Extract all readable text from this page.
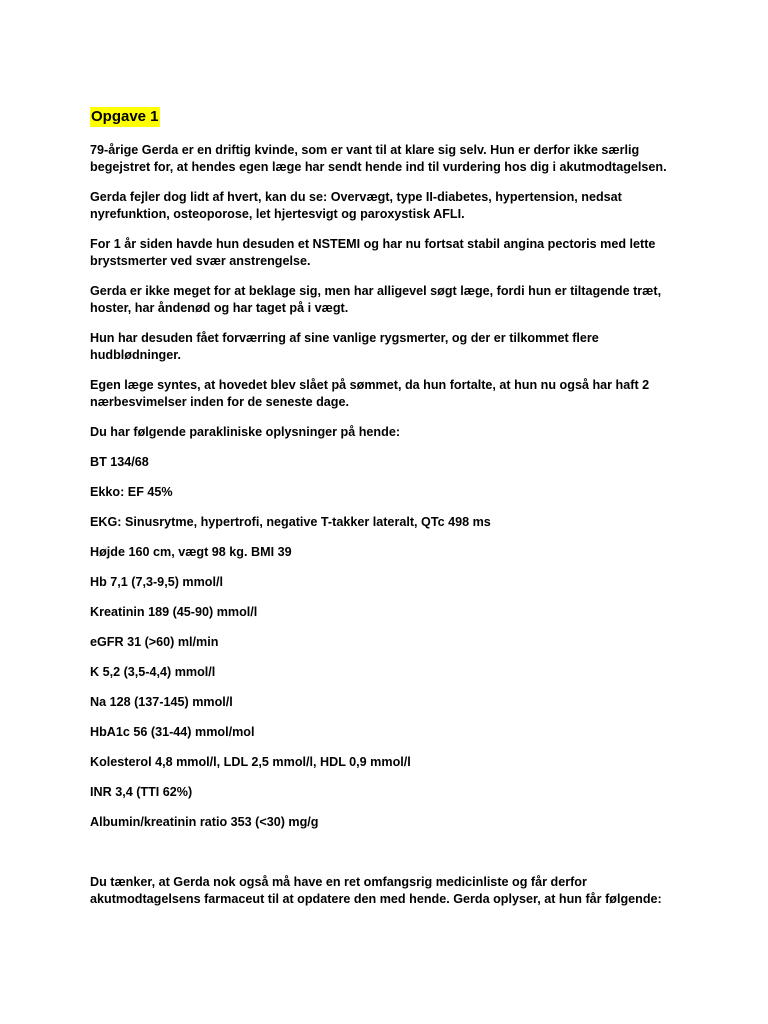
Opgave 1

79-årige Gerda er en driftig kvinde, som er vant til at klare sig selv. Hun er derfor ikke særlig begejstret for, at hendes egen læge har sendt hende ind til vurdering hos dig i akutmodtagelsen.

Gerda fejler dog lidt af hvert, kan du se: Overvægt, type II-diabetes, hypertension, nedsat nyrefunktion, osteoporose, let hjertesvigt og paroxystisk AFLI.

For 1 år siden havde hun desuden et NSTEMI og har nu fortsat stabil angina pectoris med lette brystsmerter ved svær anstrengelse.

Gerda er ikke meget for at beklage sig, men har alligevel søgt læge, fordi hun er tiltagende træt, hoster, har åndenød og har taget på i vægt.

Hun har desuden fået forværring af sine vanlige rygsmerter, og der er tilkommet flere hudblødninger.

Egen læge syntes, at hovedet blev slået på sømmet, da hun fortalte, at hun nu også har haft 2 nærbesvimelser inden for de seneste dage.

Du har følgende parakliniske oplysninger på hende:

BT 134/68

Ekko: EF 45%

EKG: Sinusrytme, hypertrofi, negative T-takker lateralt, QTc 498 ms

Højde 160 cm, vægt 98 kg. BMI 39

Hb 7,1 (7,3-9,5) mmol/l

Kreatinin 189 (45-90) mmol/l

eGFR 31 (>60) ml/min

K 5,2 (3,5-4,4) mmol/l

Na 128 (137-145) mmol/l

HbA1c 56 (31-44) mmol/mol

Kolesterol 4,8 mmol/l, LDL 2,5 mmol/l, HDL 0,9 mmol/l

INR 3,4 (TTI 62%)

Albumin/kreatinin ratio 353 (<30) mg/g

Du tænker, at Gerda nok også må have en ret omfangsrig medicinliste og får derfor akutmodtagelsens farmaceut til at opdatere den med hende. Gerda oplyser, at hun får følgende:
